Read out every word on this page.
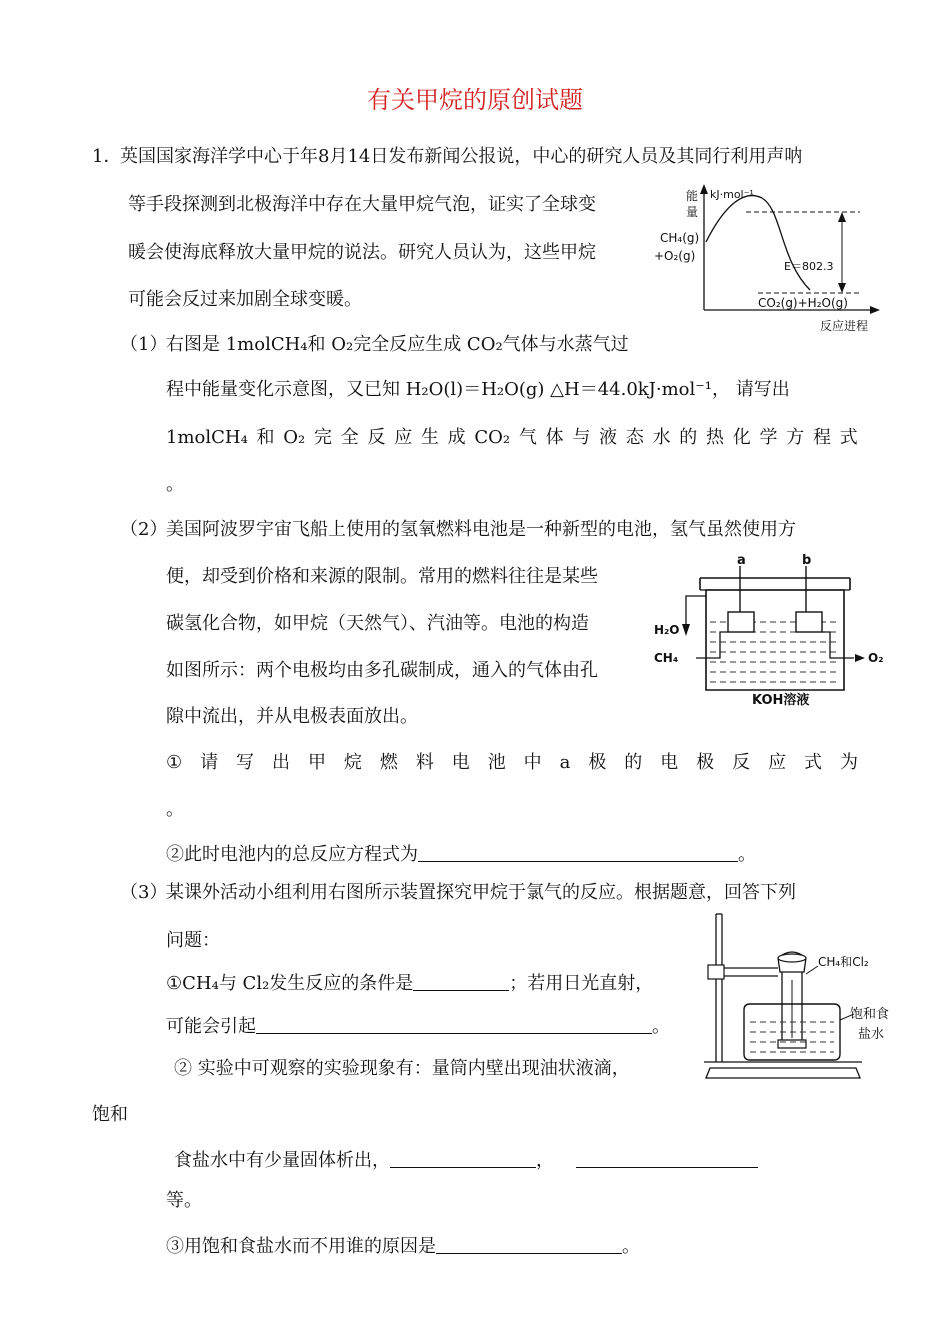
有关甲烷的原创试题
1．
英国国家海洋学中心于年8月14日发布新闻公报说，中心的研究人员及其同行利用声呐
等手段探测到北极海洋中存在大量甲烷气泡，证实了全球变
暖会使海底释放大量甲烷的说法。研究人员认为，这些甲烷
可能会反过来加剧全球变暖。
（1）
右图是 1molCH₄和 O₂完全反应生成 CO₂气体与水蒸气过
程中能量变化示意图，又已知 H₂O(l)＝H₂O(g) △H＝44.0kJ·mol⁻¹， 请写出
1molCH₄ 和 O₂ 完 全 反 应 生 成 CO₂ 气 体 与 液 态 水 的 热 化 学 方 程 式
。
（2）
美国阿波罗宇宙飞船上使用的氢氧燃料电池是一种新型的电池，氢气虽然使用方
便，却受到价格和来源的限制。常用的燃料往往是某些
碳氢化合物，如甲烷（天然气）、汽油等。电池的构造
如图所示：两个电极均由多孔碳制成，通入的气体由孔
隙中流出，并从电极表面放出。
① 请 写 出 甲 烷 燃 料 电 池 中 a 极 的 电 极 反 应 式 为
。
②此时电池内的总反应方程式为	。
（3）
某课外活动小组利用右图所示装置探究甲烷于氯气的反应。根据题意，回答下列
问题：
①CH₄与 Cl₂发生反应的条件是	；若用日光直射，
可能会引起	。
② 实验中可观察的实验现象有：量筒内壁出现油状液滴，
饱和
食盐水中有少量固体析出，	，
等。
③用饱和食盐水而不用谁的原因是	。
能
量
kJ·mol⁻¹
CH₄(g)
+O₂(g)
E＝802.3
CO₂(g)+H₂O(g)
反应进程
a	b
H₂O
CH₄	O₂
KOH溶液
CH₄和Cl₂
饱和食
盐水
